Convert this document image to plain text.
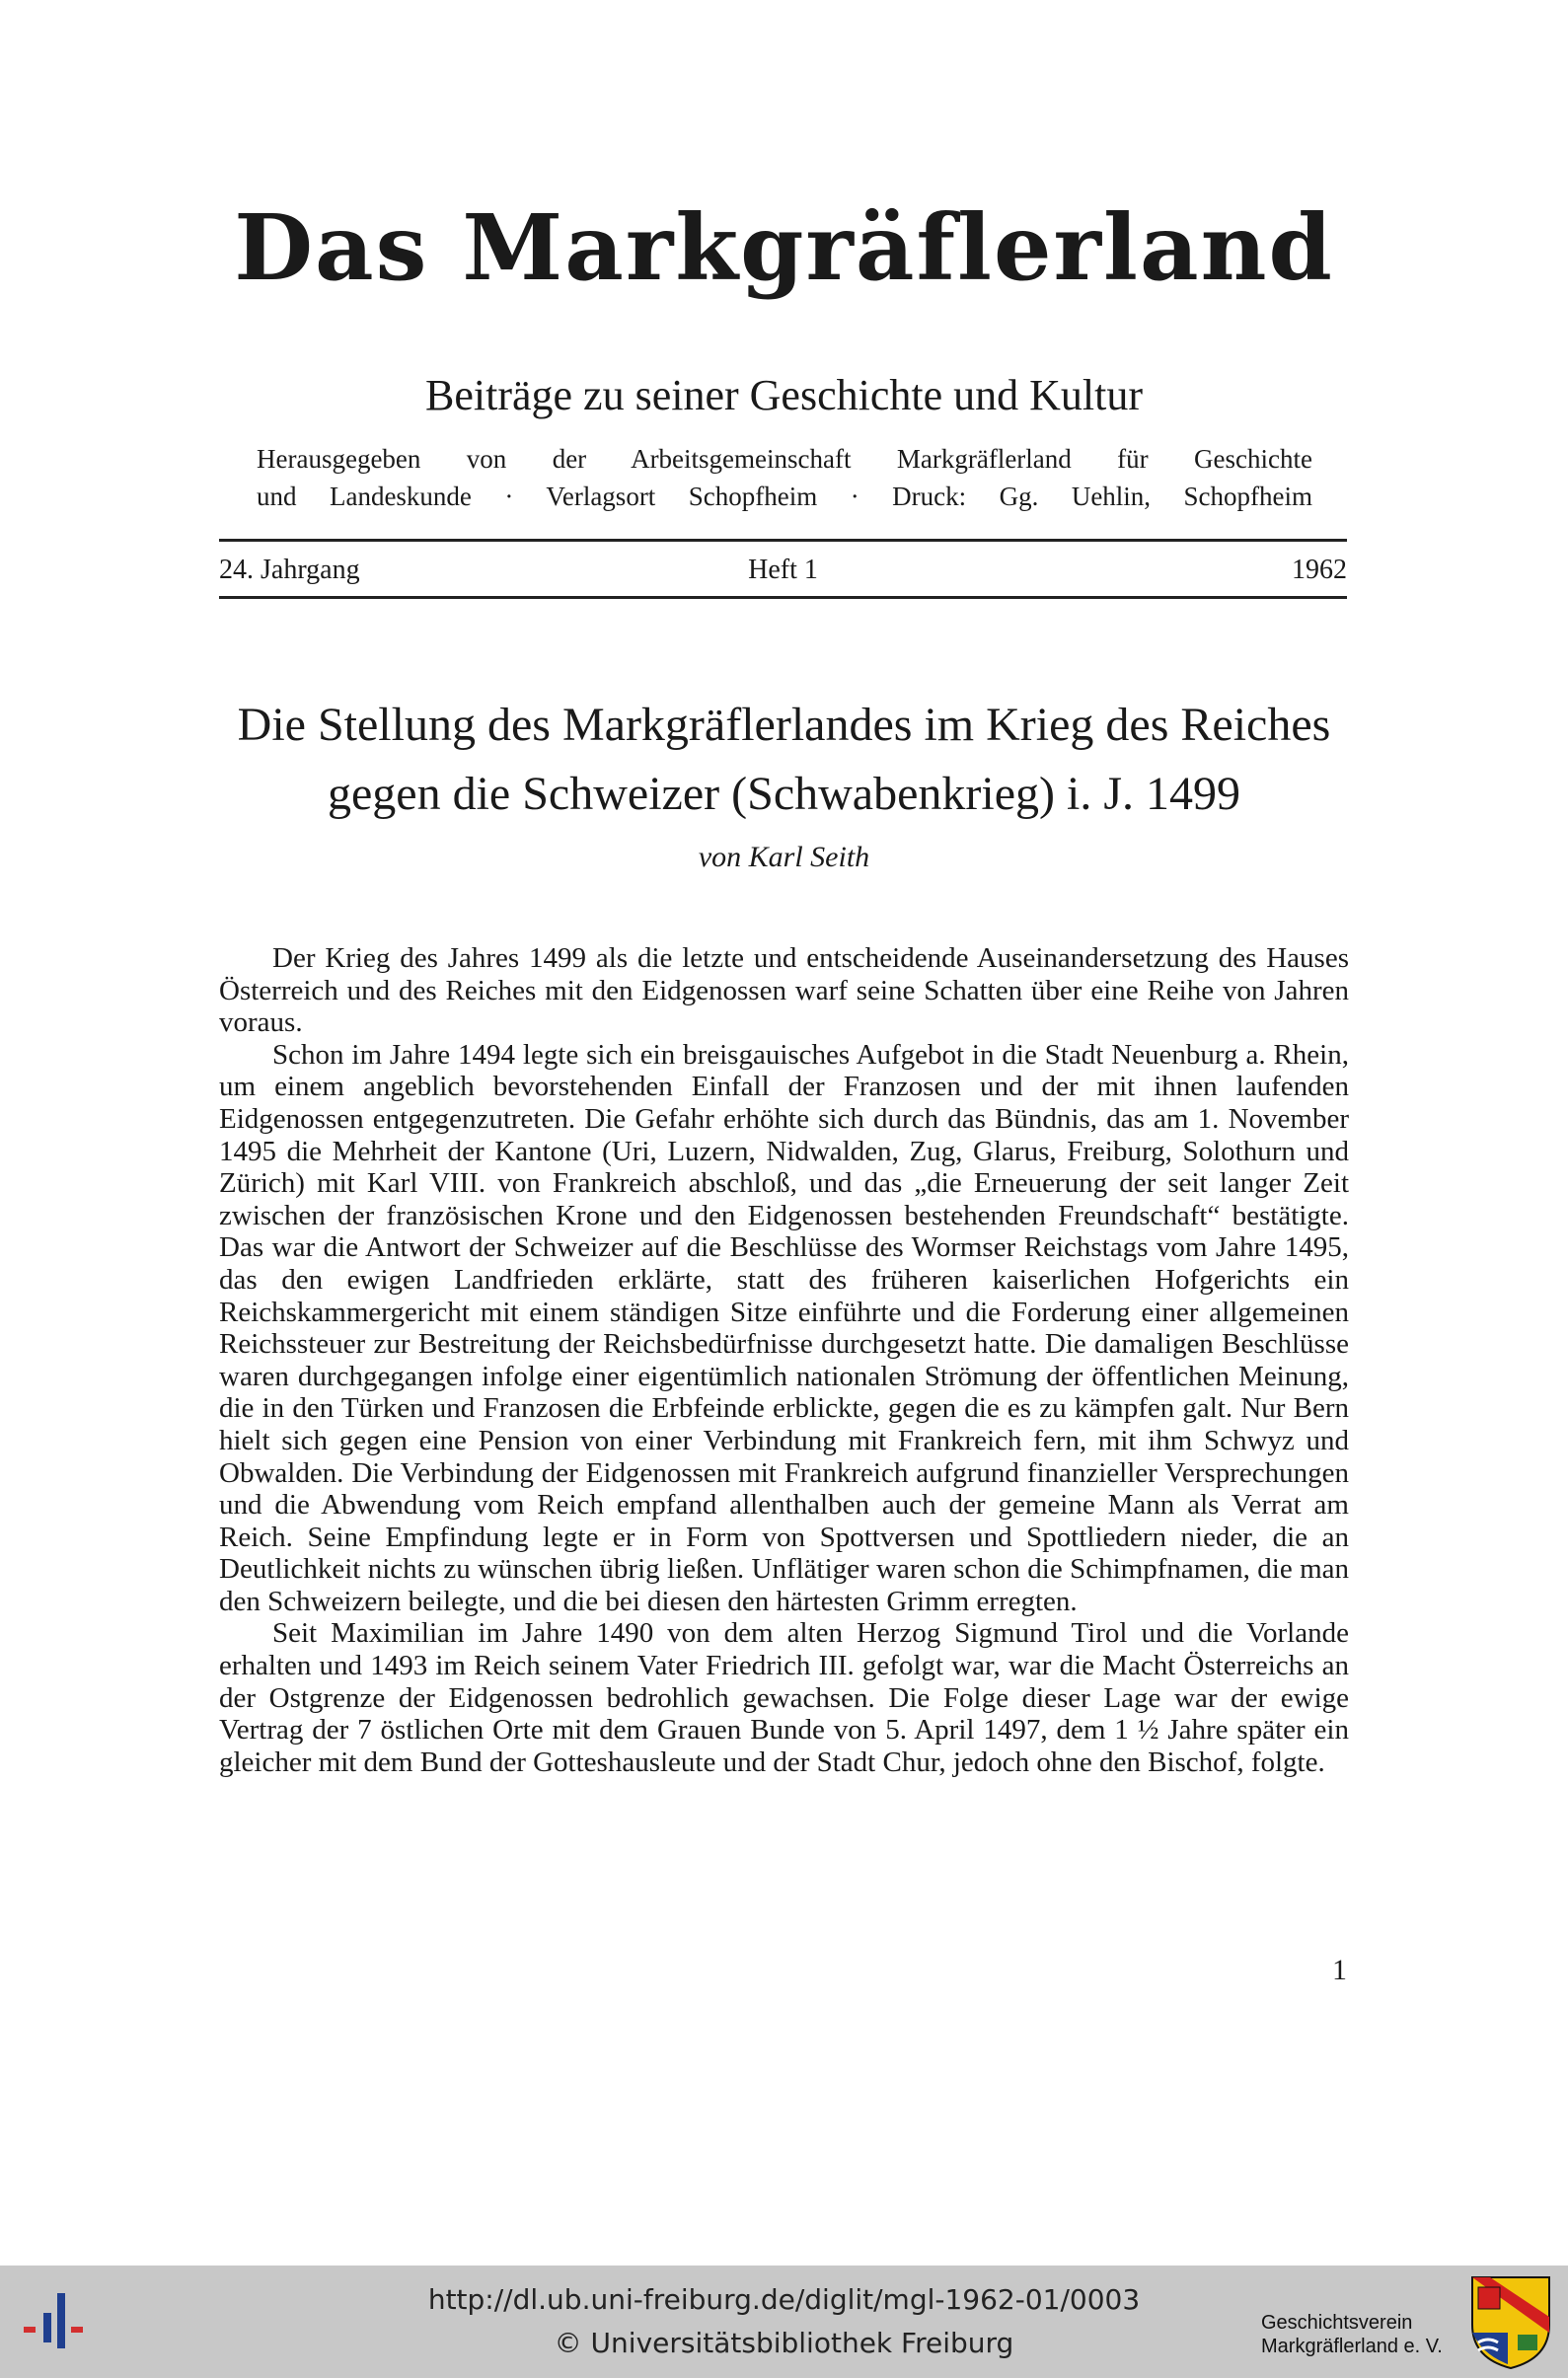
Das Markgräflerland
Beiträge zu seiner Geschichte und Kultur
Herausgegeben von der Arbeitsgemeinschaft Markgräflerland für Geschichte
und Landeskunde · Verlagsort Schopfheim · Druck: Gg. Uehlin, Schopfheim
24. Jahrgang	Heft 1	1962
Die Stellung des Markgräflerlandes im Krieg des Reiches
gegen die Schweizer (Schwabenkrieg) i. J. 1499
von Karl Seith

Der Krieg des Jahres 1499 als die letzte und entscheidende Auseinandersetzung des Hauses Österreich und des Reiches mit den Eidgenossen warf seine Schatten über eine Reihe von Jahren voraus.

Schon im Jahre 1494 legte sich ein breisgauisches Aufgebot in die Stadt Neuenburg a. Rhein, um einem angeblich bevorstehenden Einfall der Franzosen und der mit ihnen laufenden Eidgenossen entgegenzutreten. Die Gefahr erhöhte sich durch das Bündnis, das am 1. November 1495 die Mehrheit der Kantone (Uri, Luzern, Nidwalden, Zug, Glarus, Freiburg, Solothurn und Zürich) mit Karl VIII. von Frankreich abschloß, und das „die Erneuerung der seit langer Zeit zwischen der französischen Krone und den Eidgenossen bestehenden Freundschaft“ bestätigte. Das war die Antwort der Schweizer auf die Beschlüsse des Wormser Reichstags vom Jahre 1495, das den ewigen Landfrieden erklärte, statt des früheren kaiserlichen Hofgerichts ein Reichskammergericht mit einem ständigen Sitze einführte und die Forderung einer allgemeinen Reichssteuer zur Bestreitung der Reichsbedürfnisse durchgesetzt hatte. Die damaligen Beschlüsse waren durchgegangen infolge einer eigentümlich nationalen Strömung der öffentlichen Meinung, die in den Türken und Franzosen die Erbfeinde erblickte, gegen die es zu kämpfen galt. Nur Bern hielt sich gegen eine Pension von einer Verbindung mit Frankreich fern, mit ihm Schwyz und Obwalden. Die Verbindung der Eidgenossen mit Frankreich aufgrund finanzieller Versprechungen und die Abwendung vom Reich empfand allenthalben auch der gemeine Mann als Verrat am Reich. Seine Empfindung legte er in Form von Spottversen und Spottliedern nieder, die an Deutlichkeit nichts zu wünschen übrig ließen. Unflätiger waren schon die Schimpfnamen, die man den Schweizern beilegte, und die bei diesen den härtesten Grimm erregten.

Seit Maximilian im Jahre 1490 von dem alten Herzog Sigmund Tirol und die Vorlande erhalten und 1493 im Reich seinem Vater Friedrich III. gefolgt war, war die Macht Österreichs an der Ostgrenze der Eidgenossen bedrohlich gewachsen. Die Folge dieser Lage war der ewige Vertrag der 7 östlichen Orte mit dem Grauen Bunde von 5. April 1497, dem 1 ½ Jahre später ein gleicher mit dem Bund der Gotteshausleute und der Stadt Chur, jedoch ohne den Bischof, folgte.

1
http://dl.ub.uni-freiburg.de/diglit/mgl-1962-01/0003
© Universitätsbibliothek Freiburg
Geschichtsverein
Markgräflerland e. V.
